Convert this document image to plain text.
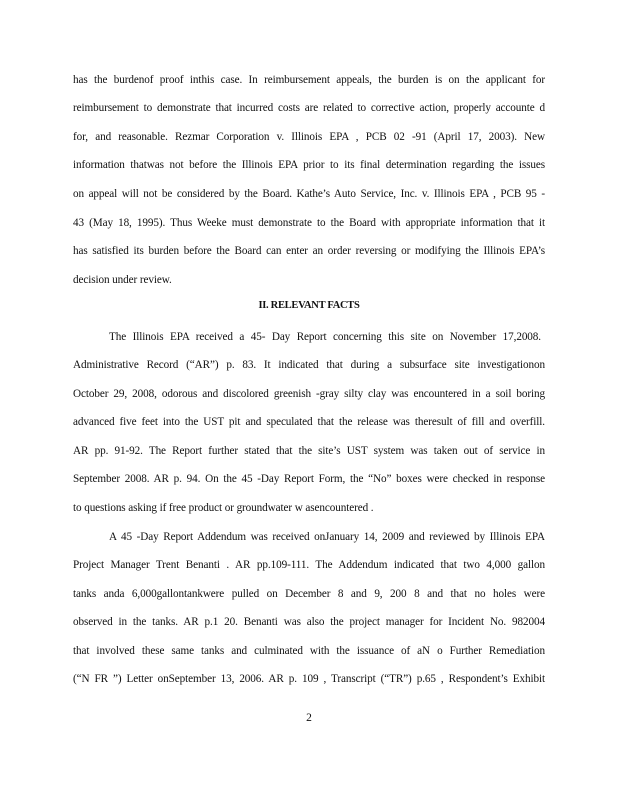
has the burdenof proof inthis case. In reimbursement appeals, the burden is on the applicant for
reimbursement to demonstrate that incurred costs are related to corrective action, properly accounte d
for, and reasonable. Rezmar Corporation v. Illinois EPA , PCB 02 -91 (April 17, 2003). New
information thatwas not before the Illinois EPA prior to its final determination regarding the issues
on appeal will not be considered by the Board. Kathe’s Auto Service, Inc. v. Illinois EPA , PCB 95 -
43 (May 18, 1995). Thus Weeke must demonstrate to the Board with appropriate information that it
has satisfied its burden before the Board can enter an order reversing or modifying the Illinois EPA’s
decision under review.
II. RELEVANT FACTS
The Illinois EPA received a 45- Day Report concerning this site on November 17,2008.
Administrative Record (“AR”) p. 83. It indicated that during a subsurface site investigationon
October 29, 2008, odorous and discolored greenish -gray silty clay was encountered in a soil boring
advanced five feet into the UST pit and speculated that the release was theresult of fill and overfill.
AR pp. 91-92. The Report further stated that the site’s UST system was taken out of service in
September 2008. AR p. 94. On the 45 -Day Report Form, the “No” boxes were checked in response
to questions asking if free product or groundwater w asencountered .
A 45 -Day Report Addendum was received onJanuary 14, 2009 and reviewed by Illinois EPA
Project Manager Trent Benanti . AR pp.109-111. The Addendum indicated that two 4,000 gallon
tanks anda 6,000gallontankwere pulled on December 8 and 9, 200 8 and that no holes were
observed in the tanks. AR p.1 20. Benanti was also the project manager for Incident No. 982004
that involved these same tanks and culminated with the issuance of aN o Further Remediation
(“N FR ”) Letter onSeptember 13, 2006. AR p. 109 , Transcript (“TR”) p.65 , Respondent’s Exhibit
2
